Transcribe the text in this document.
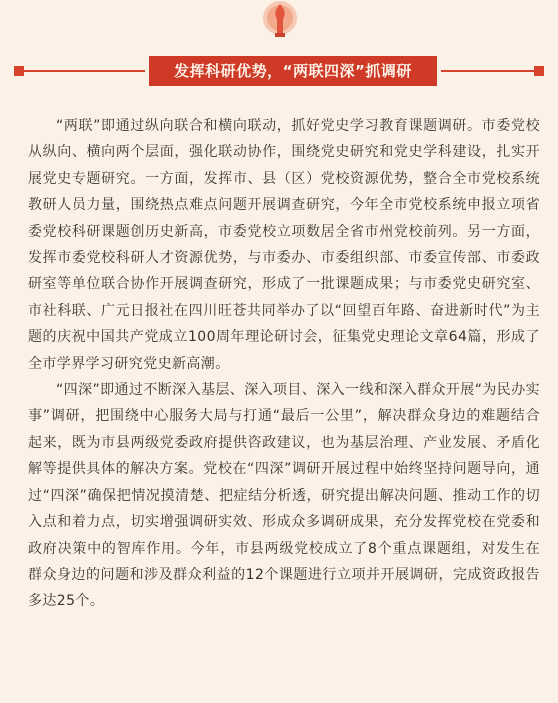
发挥科研优势，“两联四深”抓调研

“两联”即通过纵向联合和横向联动，抓好党史学习教育课题调研。市委党校从纵向、横向两个层面，强化联动协作，围绕党史研究和党史学科建设，扎实开展党史专题研究。一方面，发挥市、县（区）党校资源优势，整合全市党校系统教研人员力量，围绕热点难点问题开展调查研究，今年全市党校系统申报立项省委党校科研课题创历史新高，市委党校立项数居全省市州党校前列。另一方面，发挥市委党校科研人才资源优势，与市委办、市委组织部、市委宣传部、市委政研室等单位联合协作开展调查研究，形成了一批课题成果；与市委党史研究室、市社科联、广元日报社在四川旺苍共同举办了以“回望百年路、奋进新时代”为主题的庆祝中国共产党成立100周年理论研讨会，征集党史理论文章64篇，形成了全市学界学习研究党史新高潮。

“四深”即通过不断深入基层、深入项目、深入一线和深入群众开展“为民办实事”调研，把围绕中心服务大局与打通“最后一公里”，解决群众身边的难题结合起来，既为市县两级党委政府提供咨政建议，也为基层治理、产业发展、矛盾化解等提供具体的解决方案。党校在“四深”调研开展过程中始终坚持问题导向，通过“四深”确保把情况摸清楚、把症结分析透，研究提出解决问题、推动工作的切入点和着力点，切实增强调研实效、形成众多调研成果，充分发挥党校在党委和政府决策中的智库作用。今年，市县两级党校成立了8个重点课题组，对发生在群众身边的问题和涉及群众利益的12个课题进行立项并开展调研，完成资政报告多达25个。
